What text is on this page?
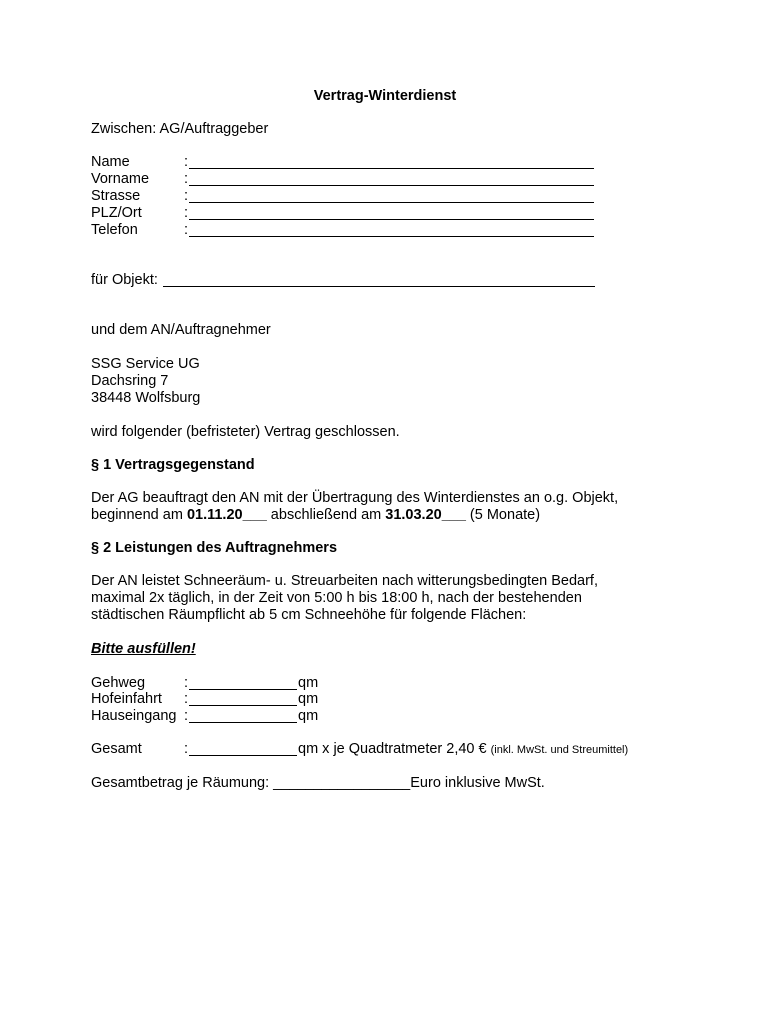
Vertrag-Winterdienst
Zwischen: AG/Auftraggeber
Name	:
Vorname :
Strasse	:
PLZ/Ort	:
Telefon	:
für Objekt:
und dem AN/Auftragnehmer
SSG Service UG
Dachsring 7
38448 Wolfsburg
wird folgender (befristeter) Vertrag geschlossen.
§ 1 Vertragsgegenstand
Der AG beauftragt den AN mit der Übertragung des Winterdienstes an o.g. Objekt,
beginnend am 01.11.20___ abschließend am 31.03.20___ (5 Monate)
§ 2 Leistungen des Auftragnehmers
Der AN leistet Schneeräum- u. Streuarbeiten nach witterungsbedingten Bedarf,
maximal 2x täglich, in der Zeit von 5:00 h bis 18:00 h, nach der bestehenden
städtischen Räumpflicht ab 5 cm Schneehöhe für folgende Flächen:
Bitte ausfüllen!
Gehweg	:	qm
Hofeinfahrt :	qm
Hauseingang :	qm
Gesamt	:	qm x je Quadtratmeter 2,40 € (inkl. MwSt. und Streumittel)
Gesamtbetrag je Räumung: _________________Euro inklusive MwSt.
